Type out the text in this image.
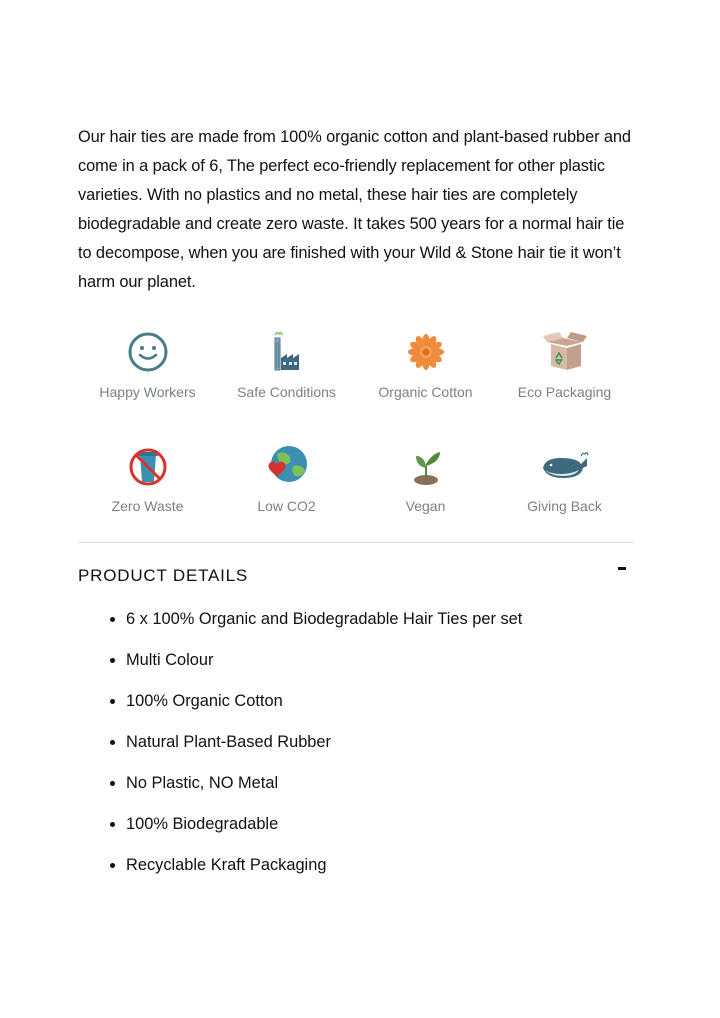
Our hair ties are made from 100% organic cotton and plant-based rubber and come in a pack of 6, The perfect eco-friendly replacement for other plastic varieties. With no plastics and no metal, these hair ties are completely biodegradable and create zero waste. It takes 500 years for a normal hair tie to decompose, when you are finished with your Wild & Stone hair tie it won’t harm our planet.

Happy Workers	Safe Conditions	Organic Cotton	Eco Packaging
Zero Waste	Low CO2	Vegan	Giving Back
PRODUCT DETAILS
6 x 100% Organic and Biodegradable Hair Ties per set
Multi Colour
100% Organic Cotton
Natural Plant-Based Rubber
No Plastic, NO Metal
100% Biodegradable
Recyclable Kraft Packaging
